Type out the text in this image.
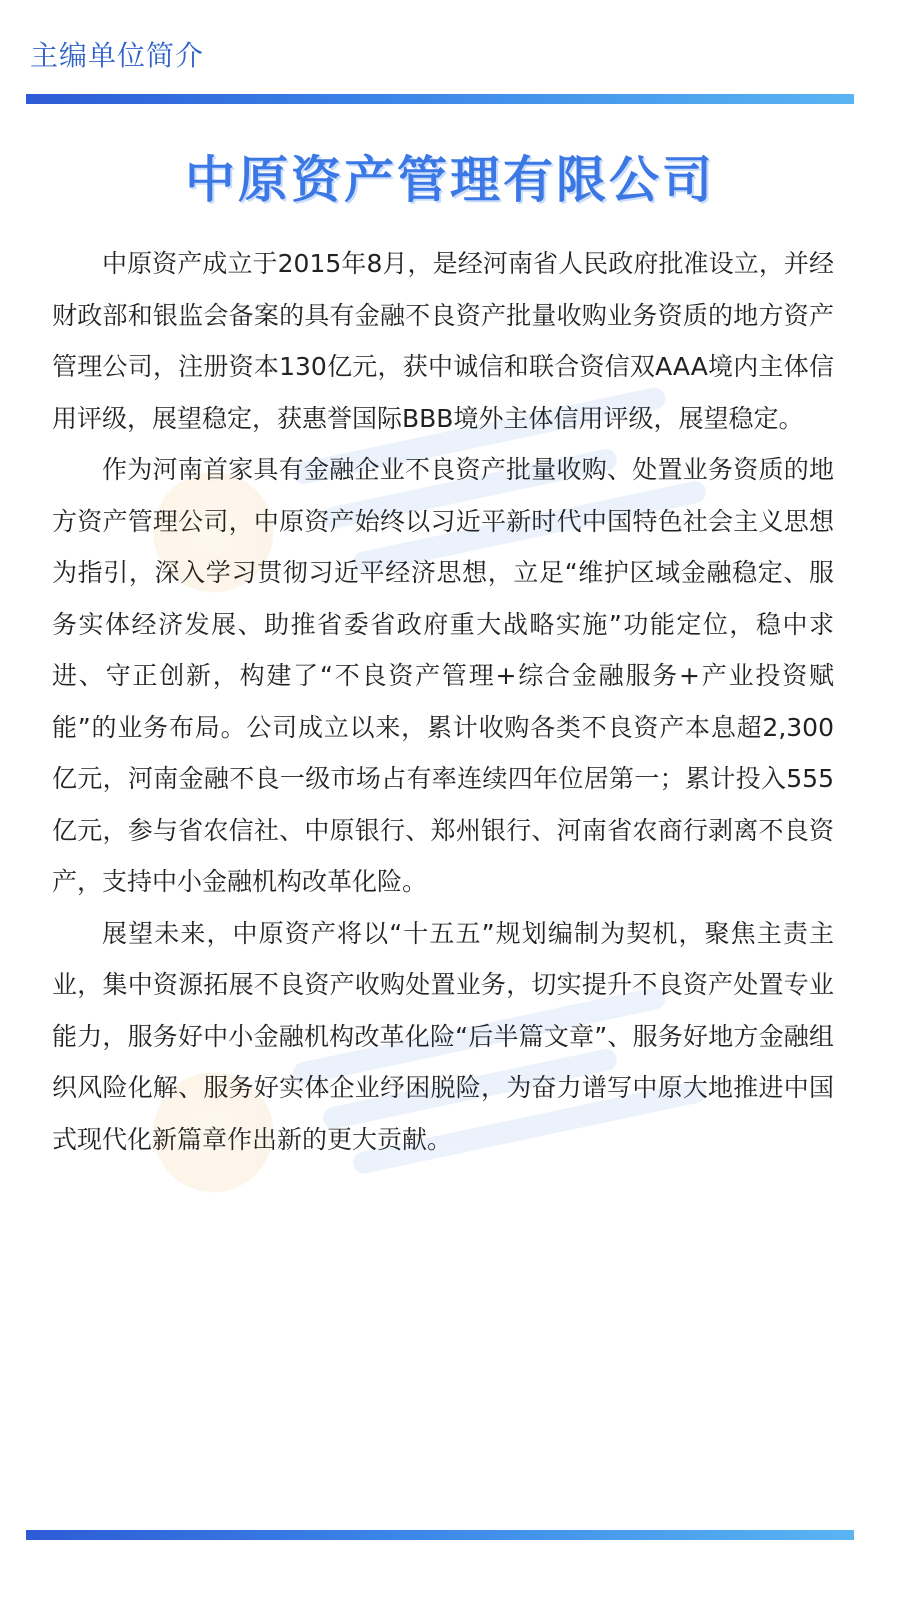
主编单位简介
中原资产管理有限公司

中原资产成立于2015年8月，是经河南省人民政府批准设立，并经财政部和银监会备案的具有金融不良资产批量收购业务资质的地方资产管理公司，注册资本130亿元，获中诚信和联合资信双AAA境内主体信用评级，展望稳定，获惠誉国际BBB境外主体信用评级，展望稳定。

作为河南首家具有金融企业不良资产批量收购、处置业务资质的地方资产管理公司，中原资产始终以习近平新时代中国特色社会主义思想为指引，深入学习贯彻习近平经济思想，立足“维护区域金融稳定、服务实体经济发展、助推省委省政府重大战略实施”功能定位，稳中求进、守正创新，构建了“不良资产管理+综合金融服务+产业投资赋能”的业务布局。公司成立以来，累计收购各类不良资产本息超2,300亿元，河南金融不良一级市场占有率连续四年位居第一；累计投入555亿元，参与省农信社、中原银行、郑州银行、河南省农商行剥离不良资产，支持中小金融机构改革化险。

展望未来，中原资产将以“十五五”规划编制为契机，聚焦主责主业，集中资源拓展不良资产收购处置业务，切实提升不良资产处置专业能力，服务好中小金融机构改革化险“后半篇文章”、服务好地方金融组织风险化解、服务好实体企业纾困脱险，为奋力谱写中原大地推进中国式现代化新篇章作出新的更大贡献。
